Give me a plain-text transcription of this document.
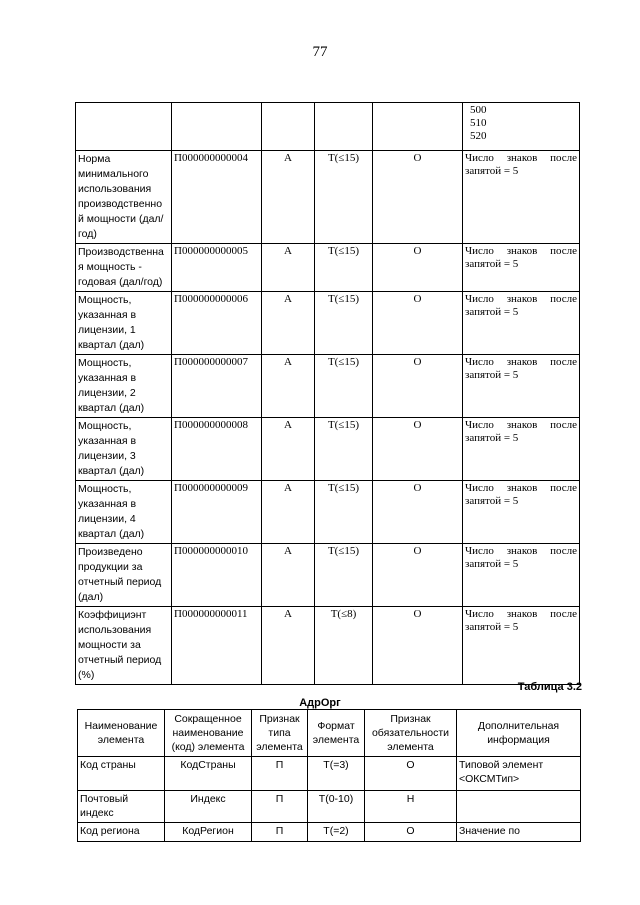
77

					500
510
520

Норма минимального использования производственно й мощности (дал/год)	П000000000004	А	T(≤15)	О	Число знаков после
запятой = 5

Производственна я мощность - годовая (дал/год)	П000000000005	А	T(≤15)	О	Число знаков после
запятой = 5

Мощность, указанная в лицензии, 1 квартал (дал)	П000000000006	А	T(≤15)	О	Число знаков после
запятой = 5

Мощность, указанная в лицензии, 2 квартал (дал)	П000000000007	А	T(≤15)	О	Число знаков после
запятой = 5

Мощность, указанная в лицензии, 3 квартал (дал)	П000000000008	А	T(≤15)	О	Число знаков после
запятой = 5

Мощность, указанная в лицензии, 4 квартал (дал)	П000000000009	А	T(≤15)	О	Число знаков после
запятой = 5

Произведено продукции за отчетный период (дал)	П000000000010	А	T(≤15)	О	Число знаков после
запятой = 5

Коэффициэнт использования мощности за отчетный период (%)	П000000000011	А	T(≤8)	О	Число знаков после
запятой = 5
Таблица 3.2
АдрОрг
Наименование элемента	Сокращенное наименование (код) элемента	Признак типа элемента	Формат элемента	Признак обязательности элемента	Дополнительная информация
Код страны	КодСтраны	П	T(=3)	О	Типовой элемент <ОКСМТип>
Почтовый индекс	Индекс	П	T(0-10)	Н	
Код региона	КодРегион	П	T(=2)	О	Значение по
